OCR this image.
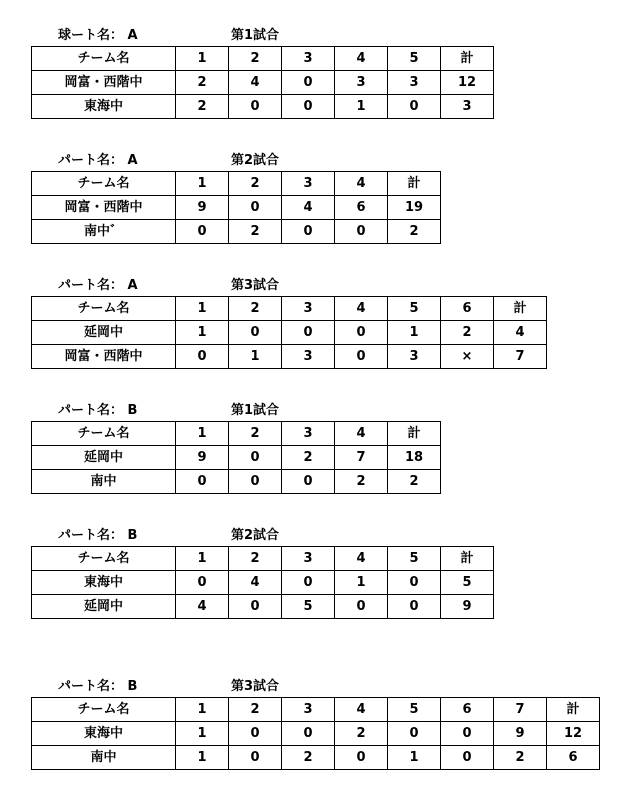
球ート名： A	第1試合
チーム名	1	2	3	4	5	計
岡富・西階中	2	4	0	3	3	12
東海中	2	0	0	1	0	3
パート名： A	第2試合
チーム名	1	2	3	4	計
岡富・西階中	9	0	4	6	19
南中゛	0	2	0	0	2
パート名： A	第3試合
チーム名	1	2	3	4	5	6	計
延岡中	1	0	0	0	1	2	4
岡富・西階中	0	1	3	0	3	×	7
パート名： B	第1試合
チーム名	1	2	3	4	計
延岡中	9	0	2	7	18
南中	0	0	0	2	2
パート名： B	第2試合
チーム名	1	2	3	4	5	計
東海中	0	4	0	1	0	5
延岡中	4	0	5	0	0	9
パート名： B	第3試合
チーム名	1	2	3	4	5	6	7	計
東海中	1	0	0	2	0	0	9	12
南中	1	0	2	0	1	0	2	6
